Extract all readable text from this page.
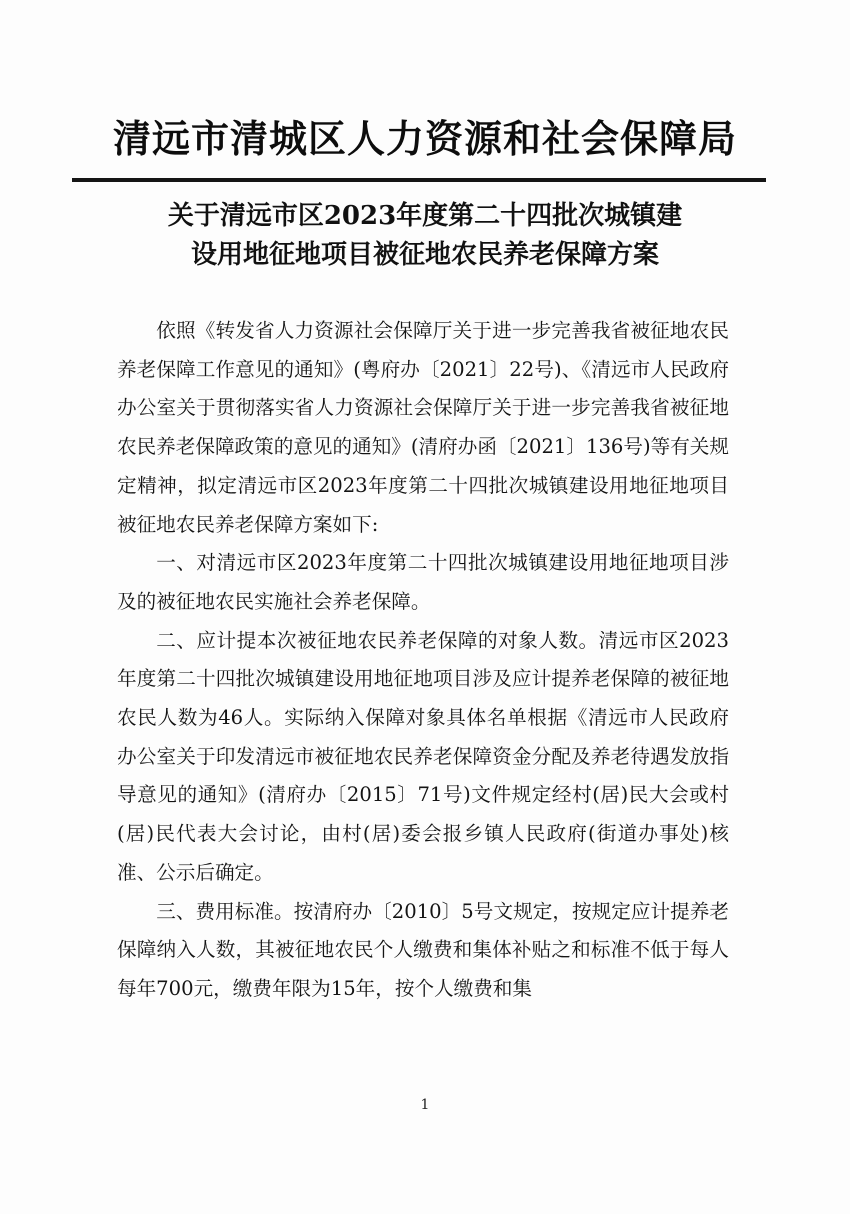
清远市清城区人力资源和社会保障局
关于清远市区2023年度第二十四批次城镇建
设用地征地项目被征地农民养老保障方案

依照《转发省人力资源社会保障厅关于进一步完善我省被征地农民养老保障工作意见的通知》(粤府办〔2021〕22号)、《清远市人民政府办公室关于贯彻落实省人力资源社会保障厅关于进一步完善我省被征地农民养老保障政策的意见的通知》(清府办函〔2021〕136号)等有关规定精神，拟定清远市区2023年度第二十四批次城镇建设用地征地项目被征地农民养老保障方案如下:

一、对清远市区2023年度第二十四批次城镇建设用地征地项目涉及的被征地农民实施社会养老保障。

二、应计提本次被征地农民养老保障的对象人数。清远市区2023年度第二十四批次城镇建设用地征地项目涉及应计提养老保障的被征地农民人数为46人。实际纳入保障对象具体名单根据《清远市人民政府办公室关于印发清远市被征地农民养老保障资金分配及养老待遇发放指导意见的通知》(清府办〔2015〕71号)文件规定经村(居)民大会或村(居)民代表大会讨论，由村(居)委会报乡镇人民政府(街道办事处)核准、公示后确定。

三、费用标准。按清府办〔2010〕5号文规定，按规定应计提养老保障纳入人数，其被征地农民个人缴费和集体补贴之和标准不低于每人每年700元，缴费年限为15年，按个人缴费和集

1
